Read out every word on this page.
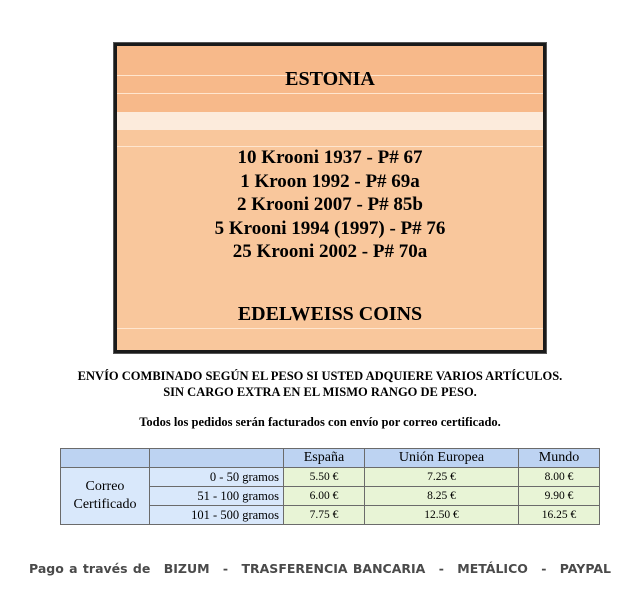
ESTONIA
10 Krooni 1937 - P# 67
1 Kroon 1992 - P# 69a
2 Krooni 2007 - P# 85b
5 Krooni 1994 (1997) - P# 76
25 Krooni 2002 - P# 70a
EDELWEISS COINS
ENVÍO COMBINADO SEGÚN EL PESO SI USTED ADQUIERE VARIOS ARTÍCULOS.
SIN CARGO EXTRA EN EL MISMO RANGO DE PESO.
Todos los pedidos serán facturados con envío por correo certificado.
		España	Unión Europea	Mundo

Correo
Certificado	0 - 50 gramos	5.50 €	7.25 €	8.00 €
	51 - 100 gramos	6.00 €	8.25 €	9.90 €
	101 - 500 gramos	7.75 €	12.50 €	16.25 €
Pago a través de BIZUM - TRASFERENCIA BANCARIA - METÁLICO - PAYPAL
